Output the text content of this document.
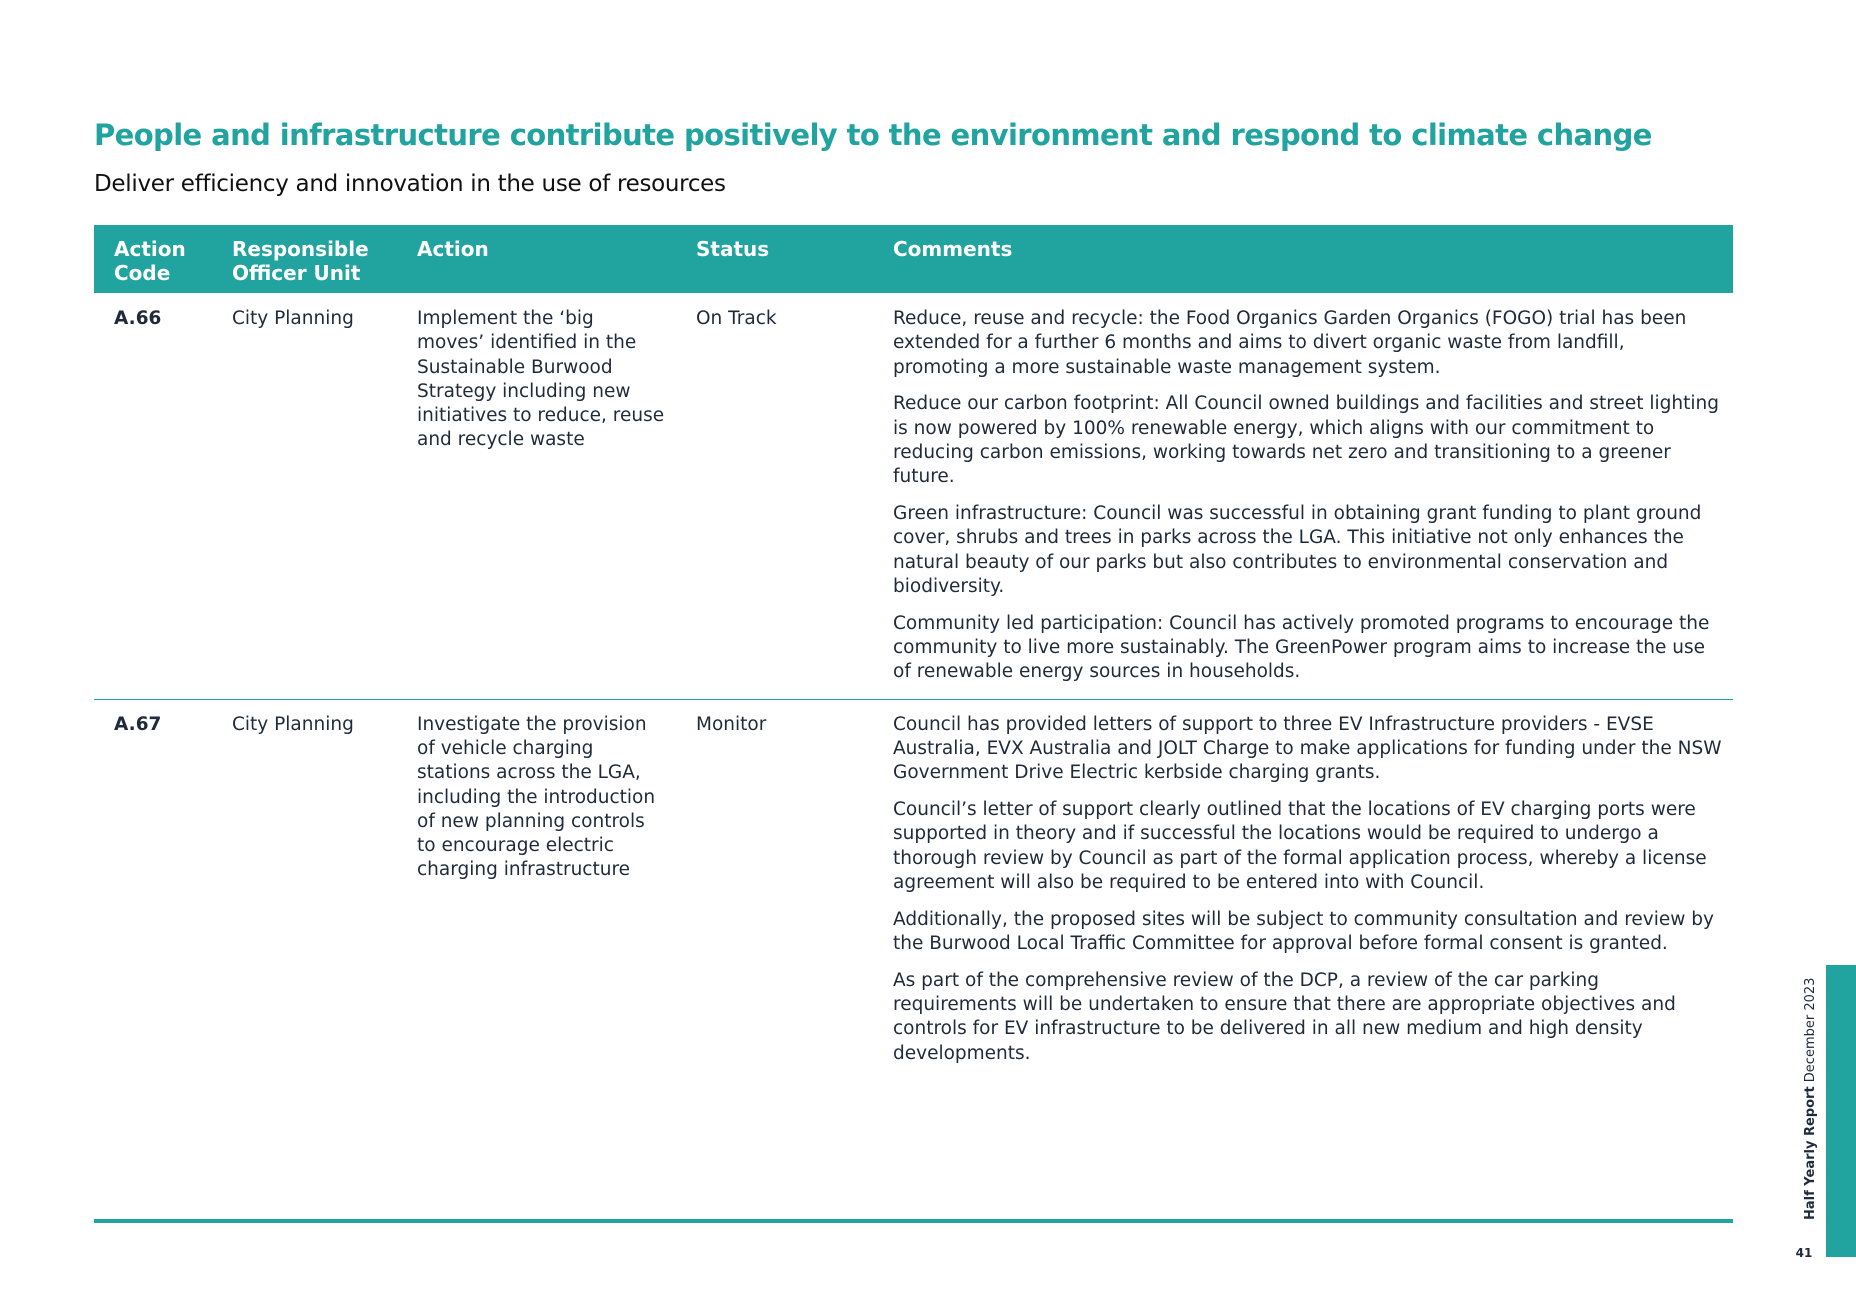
People and infrastructure contribute positively to the environment and respond to climate change
Deliver efficiency and innovation in the use of resources
Action Code	Responsible Officer Unit	Action	Status	Comments
A.66	City Planning	Implement the ‘big moves’ identified in the Sustainable Burwood Strategy including new initiatives to reduce, reuse and recycle waste	On Track	Reduce, reuse and recycle: the Food Organics Garden Organics (FOGO) trial has been extended for a further 6 months and aims to divert organic waste from landfill, promoting a more sustainable waste management system.

Reduce our carbon footprint: All Council owned buildings and facilities and street lighting is now powered by 100% renewable energy, which aligns with our commitment to reducing carbon emissions, working towards net zero and transitioning to a greener future.

Green infrastructure: Council was successful in obtaining grant funding to plant ground cover, shrubs and trees in parks across the LGA. This initiative not only enhances the natural beauty of our parks but also contributes to environmental conservation and biodiversity.

Community led participation: Council has actively promoted programs to encourage the community to live more sustainably. The GreenPower program aims to increase the use of renewable energy sources in households.

A.67	City Planning	Investigate the provision of vehicle charging stations across the LGA, including the introduction of new planning controls to encourage electric charging infrastructure	Monitor	Council has provided letters of support to three EV Infrastructure providers - EVSE Australia, EVX Australia and JOLT Charge to make applications for funding under the NSW Government Drive Electric kerbside charging grants.

Council’s letter of support clearly outlined that the locations of EV charging ports were supported in theory and if successful the locations would be required to undergo a thorough review by Council as part of the formal application process, whereby a license agreement will also be required to be entered into with Council.

Additionally, the proposed sites will be subject to community consultation and review by the Burwood Local Traffic Committee for approval before formal consent is granted.

As part of the comprehensive review of the DCP, a review of the car parking requirements will be undertaken to ensure that there are appropriate objectives and controls for EV infrastructure to be delivered in all new medium and high density developments.

Half Yearly Report December 2023
41
